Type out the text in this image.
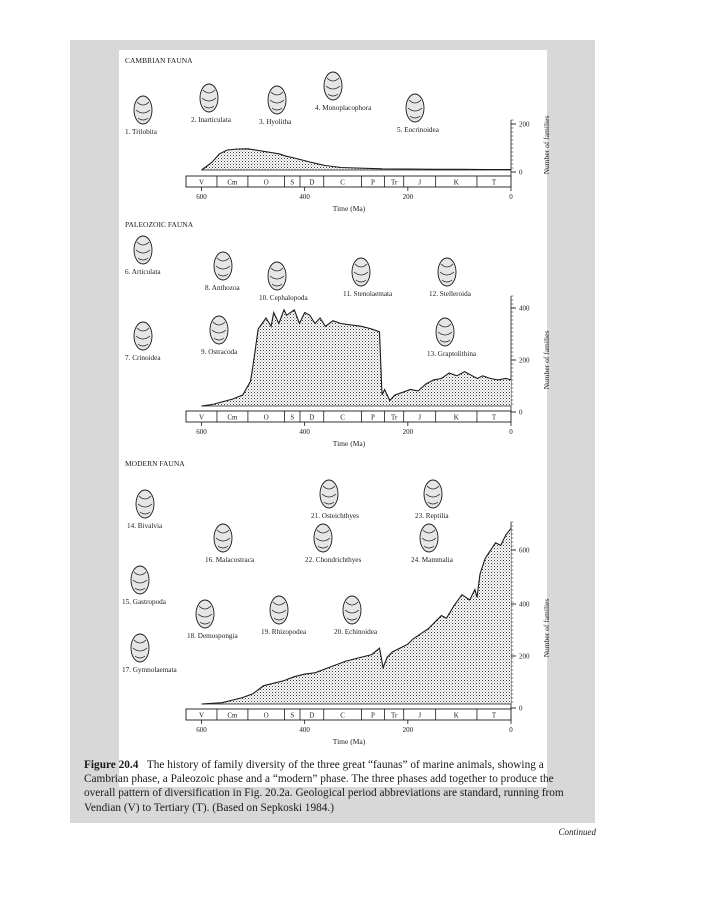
CAMBRIAN FAUNA
1. Trilobita
2. Inarticulata	3. Hyolitha
4. Monoplacophora
5. Eocrinoidea
V	Cm	O	S D	C	P Tr	J	K	T
600	400	200	0
Time (Ma)
200
0	Number of families
PALEOZOIC FAUNA
6. Articulata
7. Crinoidea
8. Anthozoa
9. Ostracoda
10. Cephalopoda	11. Stenolaemata	12. Stelleroida
13. Graptolithina
V	Cm	O	S D	C	P Tr	J	K	T
600	400	200	0
Time (Ma)
400
200
0
Number of families
MODERN FAUNA
14. Bivalvia
15. Gastropoda
16. Malacostraca
17. Gymnolaemata
18. Demospongia	19. Rhizopodea	20. Echinoidea
21. Osteichthyes
22. Chondrichthyes
23. Reptilia
24. Mammalia
V	Cm	O	S D	C	P Tr	J	K	T
600	400	200	0
Time (Ma)
600
400
200
0
Number of families
Figure 20.4 The history of family diversity of the three great “faunas” of marine animals, showing a Cambrian phase, a Paleozoic phase and a “modern” phase. The three phases add together to produce the overall pattern of diversification in Fig. 20.2a. Geological period abbreviations are standard, running from Vendian (V) to Tertiary (T). (Based on Sepkoski 1984.)
Continued
